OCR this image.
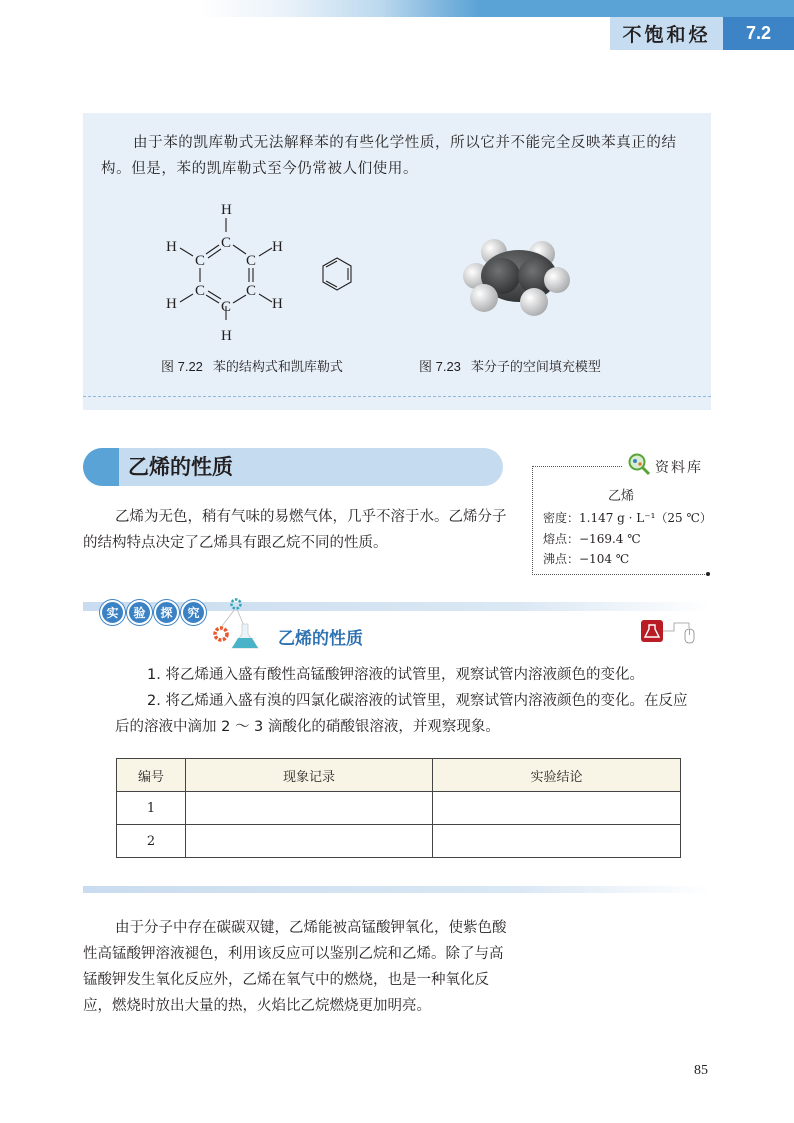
不饱和烃	7.2
由于苯的凯库勒式无法解释苯的有些化学性质，所以它并不能完全反映苯真正的结构。但是，苯的凯库勒式至今仍常被人们使用。
H
C
C	C
C	C
C
H
H	H
H	H
图 7.22 苯的结构式和凯库勒式	图 7.23 苯分子的空间填充模型
乙烯的性质
乙烯为无色，稍有气味的易燃气体，几乎不溶于水。乙烯分子的结构特点决定了乙烯具有跟乙烷不同的性质。
资料库
乙烯
密度：1.147 g · L⁻¹（25 ℃）
熔点：−169.4 ℃
沸点：−104 ℃
实	验	探	究
乙烯的性质
1. 将乙烯通入盛有酸性高锰酸钾溶液的试管里，观察试管内溶液颜色的变化。
2. 将乙烯通入盛有溴的四氯化碳溶液的试管里，观察试管内溶液颜色的变化。在反应后的溶液中滴加 2 ～ 3 滴酸化的硝酸银溶液，并观察现象。
编号	现象记录	实验结论
1		
2		
由于分子中存在碳碳双键，乙烯能被高锰酸钾氧化，使紫色酸性高锰酸钾溶液褪色，利用该反应可以鉴别乙烷和乙烯。除了与高锰酸钾发生氧化反应外，乙烯在氧气中的燃烧，也是一种氧化反应，燃烧时放出大量的热，火焰比乙烷燃烧更加明亮。
85
